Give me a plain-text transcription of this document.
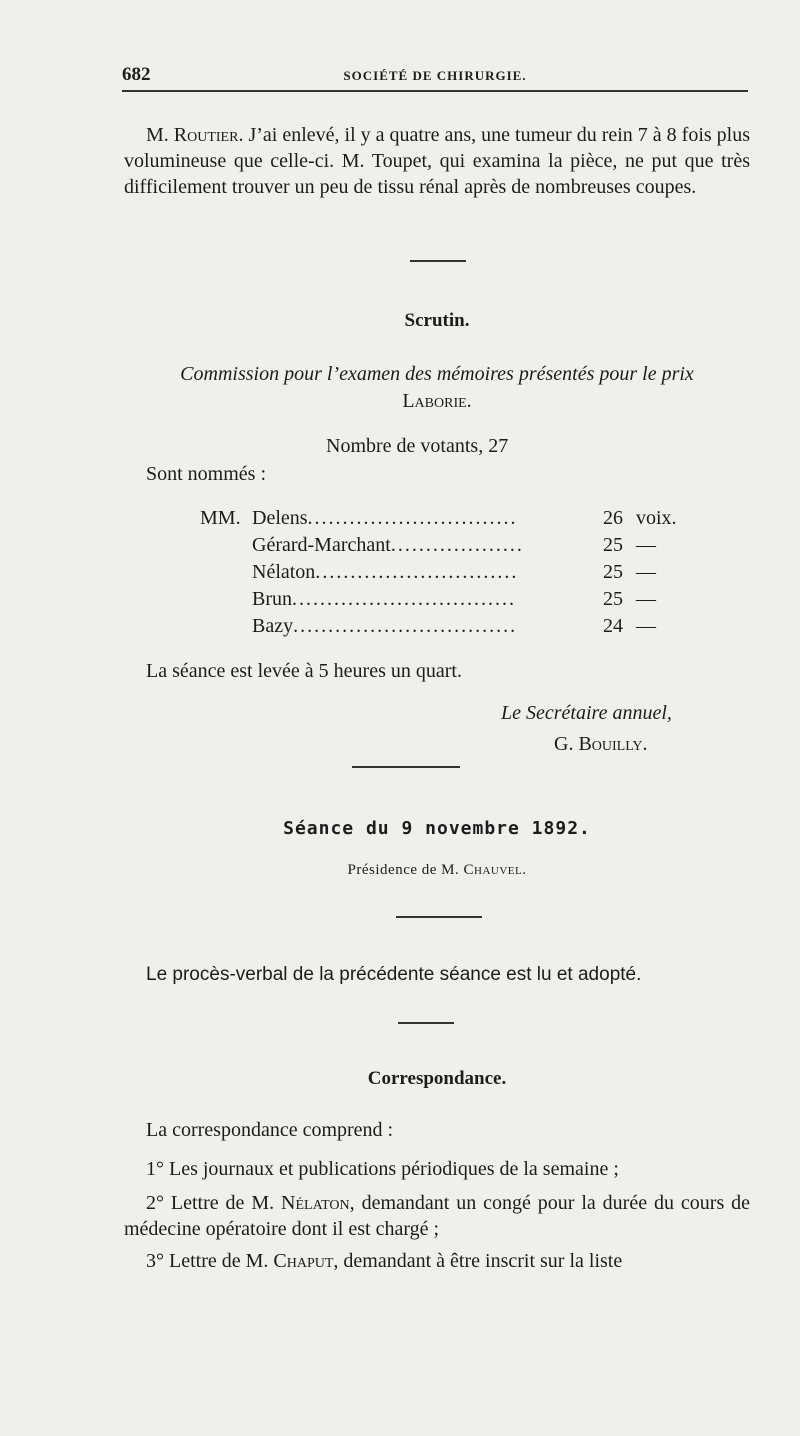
682	SOCIÉTÉ DE CHIRURGIE.

M. Routier. J’ai enlevé, il y a quatre ans, une tumeur du rein 7 à 8 fois plus volumineuse que celle-ci. M. Toupet, qui examina la pièce, ne put que très difficilement trouver un peu de tissu rénal après de nombreuses coupes.

Scrutin.

Commission pour l’examen des mémoires présentés pour le prix Laborie.

Nombre de votants, 27
Sont nommés :
MM. Delens..............................	26 voix.
Gérard-Marchant...................	25 —
Nélaton.............................	25 —
Brun................................	25 —
Bazy................................	24 —
La séance est levée à 5 heures un quart.
Le Secrétaire annuel,
G. Bouilly.
Séance du 9 novembre 1892.
Présidence de M. Chauvel.
Le procès-verbal de la précédente séance est lu et adopté.
Correspondance.
La correspondance comprend :

1° Les journaux et publications périodiques de la semaine ;

2° Lettre de M. Nélaton, demandant un congé pour la durée du cours de médecine opératoire dont il est chargé ;

3° Lettre de M. Chaput, demandant à être inscrit sur la liste
